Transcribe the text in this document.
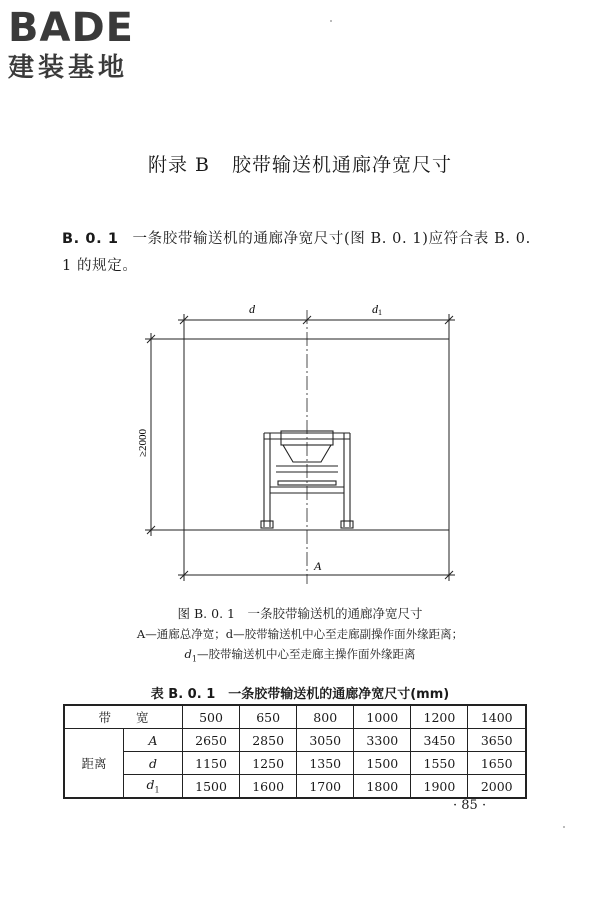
BADE
建装基地
附录 B 胶带输送机通廊净宽尺寸
B. 0. 1 一条胶带输送机的通廊净宽尺寸(图 B. 0. 1)应符合表 B. 0. 1 的规定。
d	d1
≥2000
A
图 B. 0. 1　一条胶带输送机的通廊净宽尺寸
A—通廊总净宽；d—胶带输送机中心至走廊副操作面外缘距离；
$d_1—$胶带输送机中心至走廊主操作面外缘距离
表 B. 0. 1　一条胶带输送机的通廊净宽尺寸(mm)
带　　宽		500	650	800	1000	1200	1400
距离	A	2650	2850	3050	3300	3450	3650
	d	1150	1250	1350	1500	1550	1650
	$d_1$	1500	1600	1700	1800	1900	2000
· 85 ·
